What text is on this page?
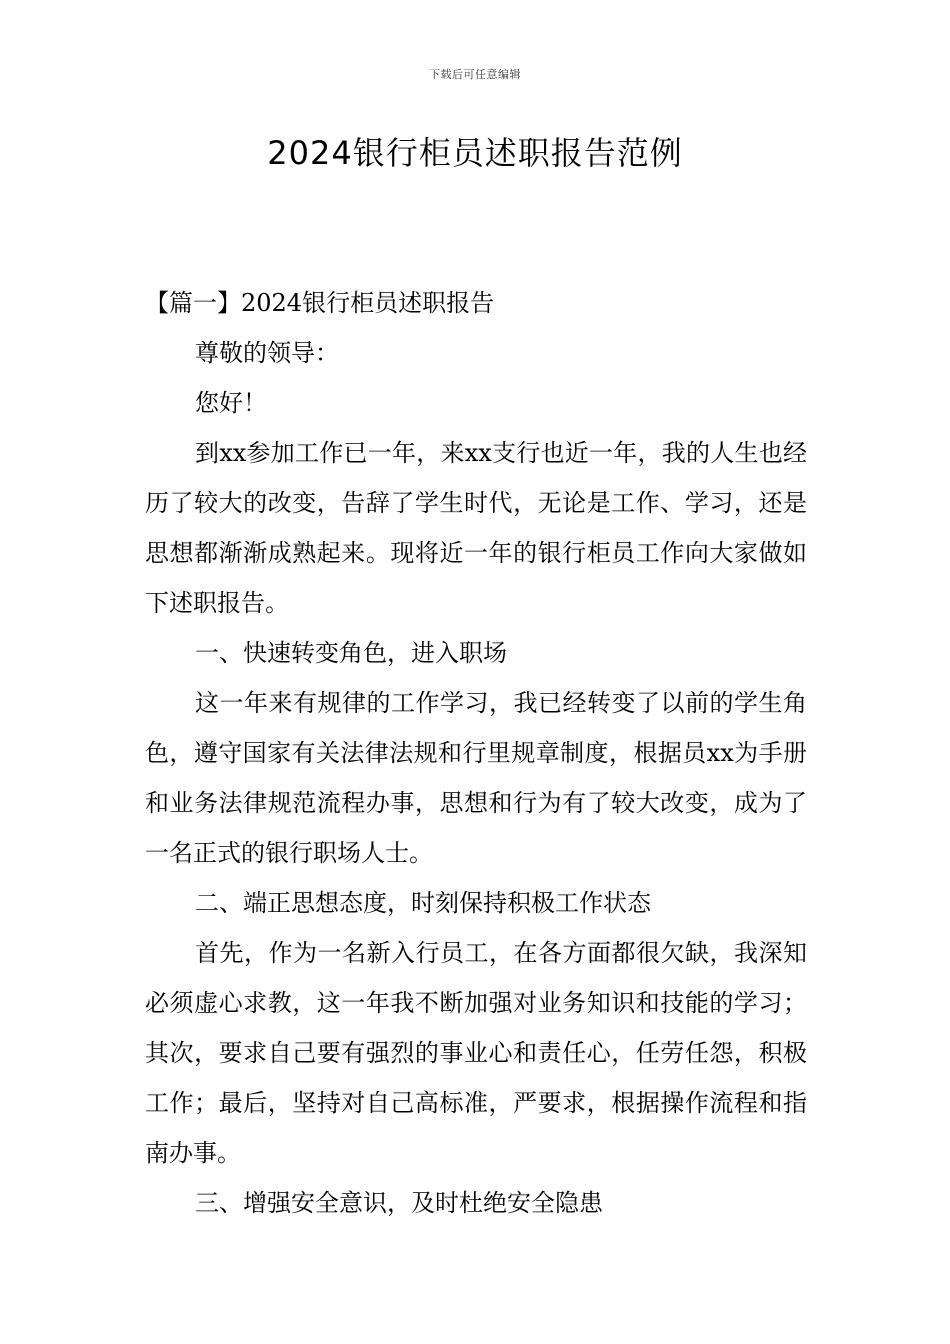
下载后可任意编辑
2024银行柜员述职报告范例

【篇一】2024银行柜员述职报告

尊敬的领导：

您好！

到xx参加工作已一年，来xx支行也近一年，我的人生也经历了较大的改变，告辞了学生时代，无论是工作、学习，还是思想都渐渐成熟起来。现将近一年的银行柜员工作向大家做如下述职报告。

一、快速转变角色，进入职场

这一年来有规律的工作学习，我已经转变了以前的学生角色，遵守国家有关法律法规和行里规章制度，根据员xx为手册和业务法律规范流程办事，思想和行为有了较大改变，成为了一名正式的银行职场人士。

二、端正思想态度，时刻保持积极工作状态

首先，作为一名新入行员工，在各方面都很欠缺，我深知必须虚心求教，这一年我不断加强对业务知识和技能的学习；其次，要求自己要有强烈的事业心和责任心，任劳任怨，积极工作；最后，坚持对自己高标准，严要求，根据操作流程和指南办事。

三、增强安全意识，及时杜绝安全隐患
